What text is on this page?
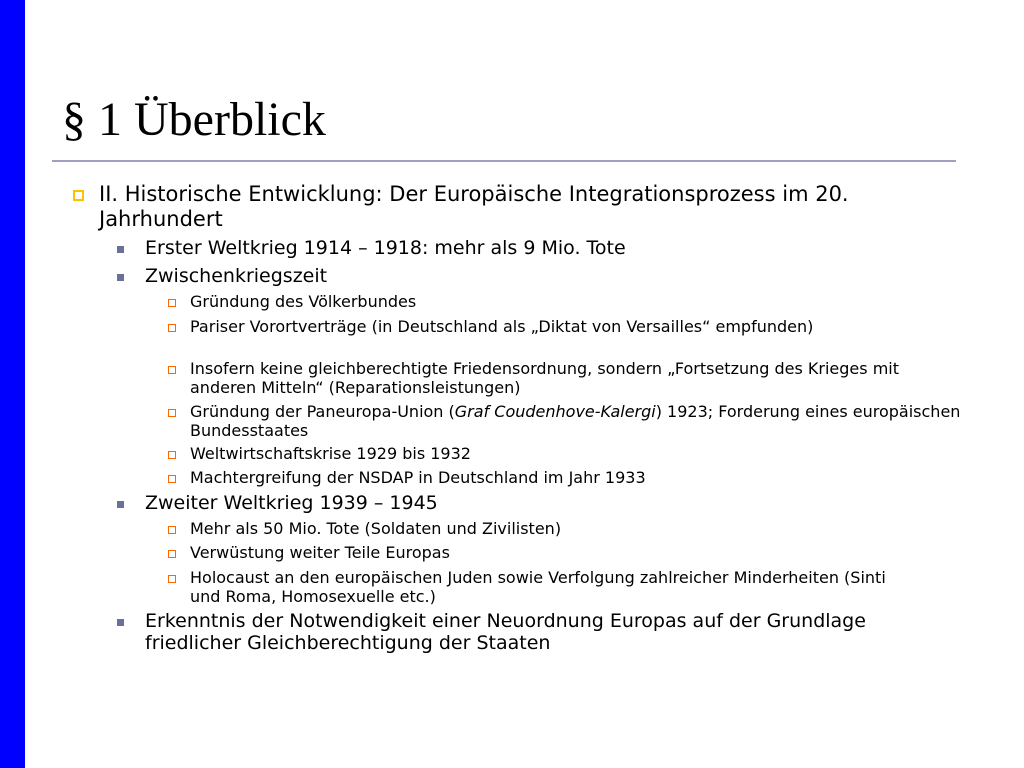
§ 1 Überblick
II. Historische Entwicklung: Der Europäische Integrationsprozess im 20. Jahrhundert
Erster Weltkrieg 1914 – 1918: mehr als 9 Mio. Tote
Zwischenkriegszeit
Gründung des Völkerbundes
Pariser Vorortverträge (in Deutschland als „Diktat von Versailles“ empfunden)
Insofern keine gleichberechtigte Friedensordnung, sondern „Fortsetzung des Krieges mit anderen Mitteln“ (Reparationsleistungen)
Gründung der Paneuropa-Union (Graf Coudenhove-Kalergi) 1923; Forderung eines europäischen Bundesstaates
Weltwirtschaftskrise 1929 bis 1932
Machtergreifung der NSDAP in Deutschland im Jahr 1933
Zweiter Weltkrieg 1939 – 1945
Mehr als 50 Mio. Tote (Soldaten und Zivilisten)
Verwüstung weiter Teile Europas
Holocaust an den europäischen Juden sowie Verfolgung zahlreicher Minderheiten (Sinti und Roma, Homosexuelle etc.)
Erkenntnis der Notwendigkeit einer Neuordnung Europas auf der Grundlage friedlicher Gleichberechtigung der Staaten
